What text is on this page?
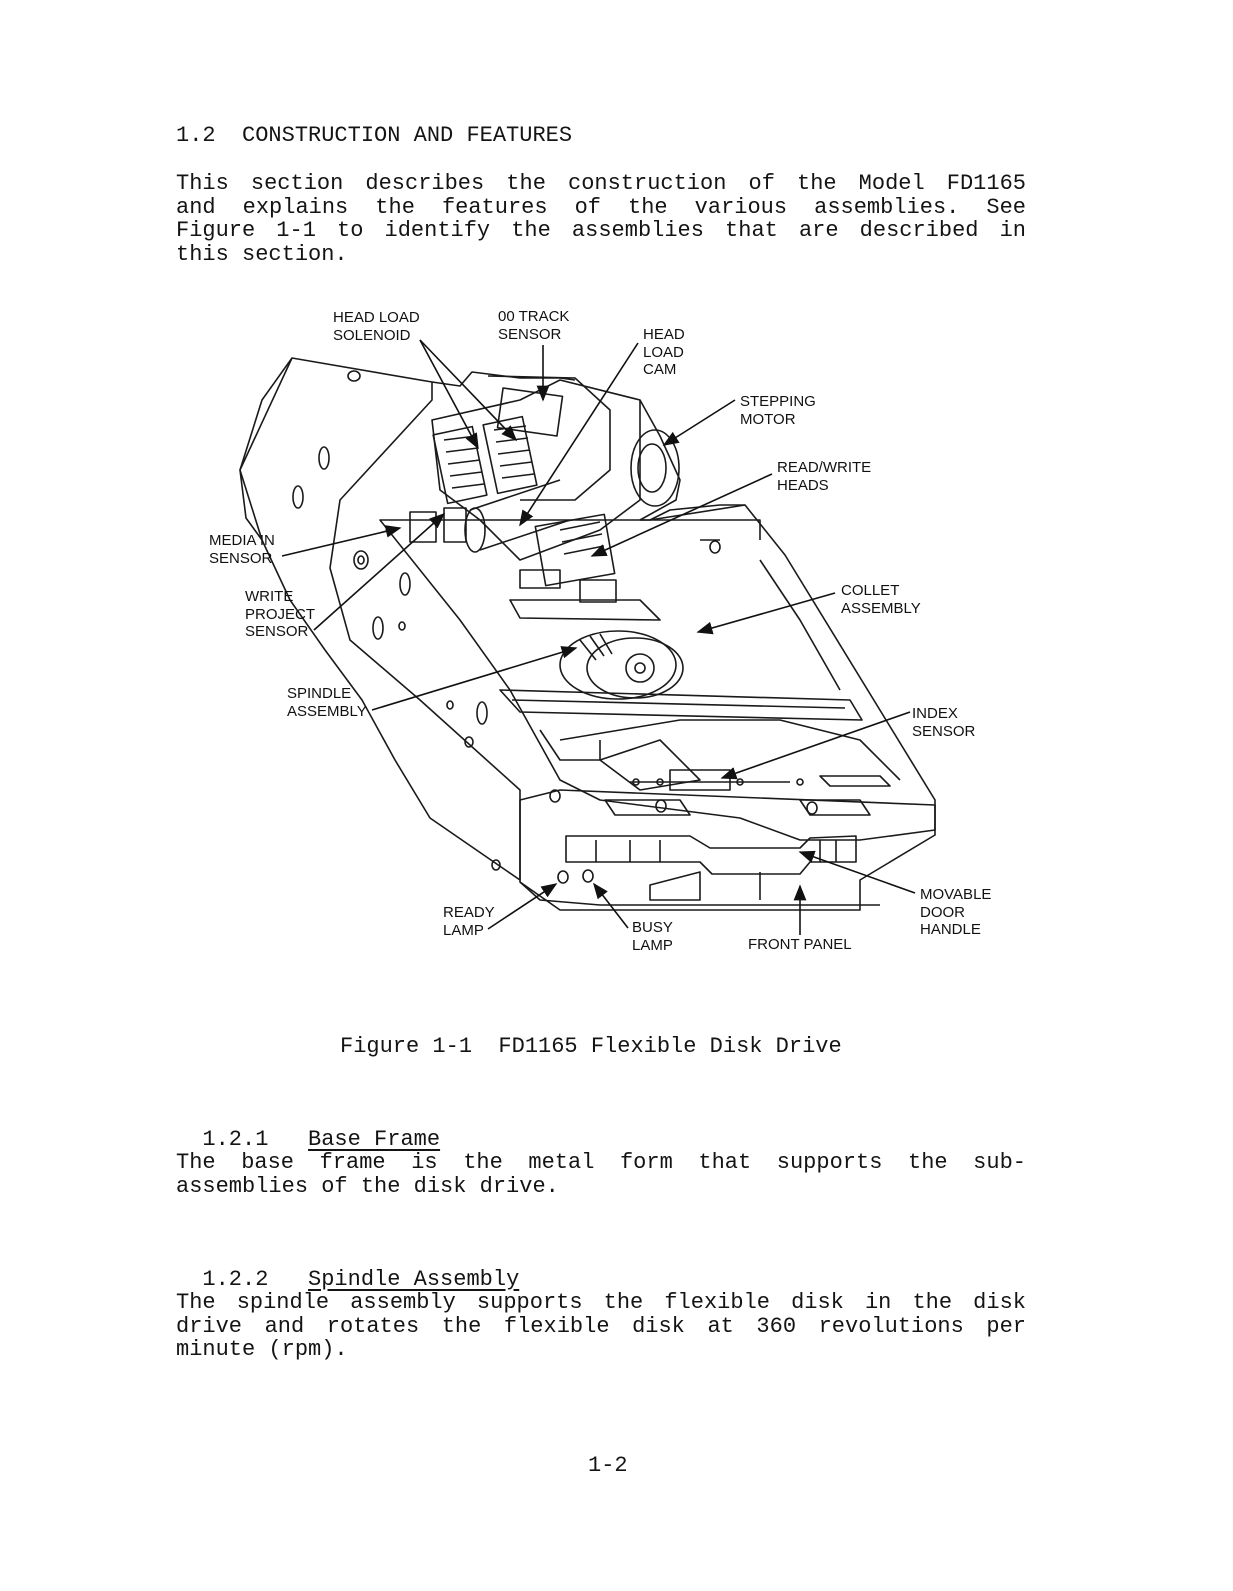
1.2 CONSTRUCTION AND FEATURES
This section describes the construction of the Model FD1165
and explains the features of the various assemblies. See
Figure 1-1 to identify the assemblies that are described in
this section.
HEAD LOAD
SOLENOID
00 TRACK
SENSOR	HEAD
LOAD
CAM
STEPPING
MOTOR
READ/WRITE
HEADS
MEDIA IN
SENSOR
WRITE
PROJECT
SENSOR
COLLET
ASSEMBLY
SPINDLE
ASSEMBLY	INDEX
SENSOR
MOVABLE
DOOR
HANDLE
READY
LAMP	BUSY
LAMP	FRONT PANEL
Figure 1-1  FD1165 Flexible Disk Drive

1.2.1 Base Frame

The base frame is the metal form that supports the sub-
assemblies of the disk drive.

1.2.2 Spindle Assembly

The spindle assembly supports the flexible disk in the disk
drive and rotates the flexible disk at 360 revolutions per
minute (rpm).
1-2
